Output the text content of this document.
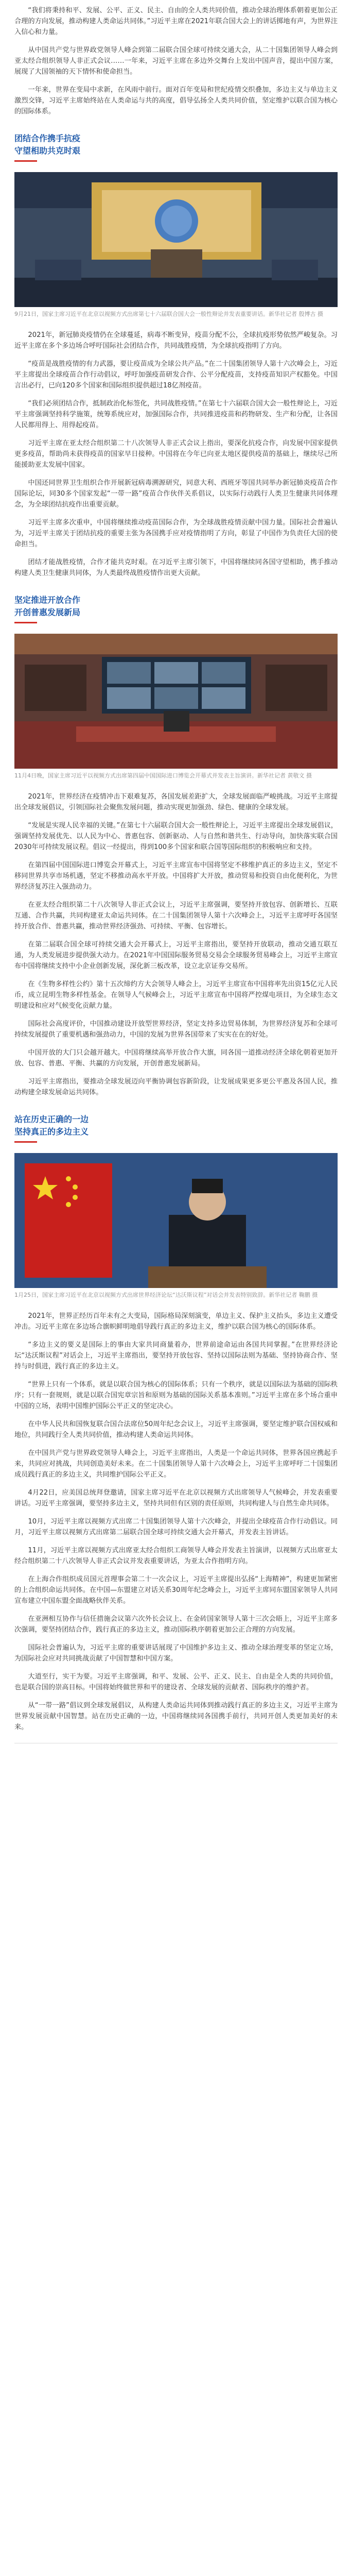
“我们将秉持和平、发展、公平、正义、民主、自由的全人类共同价值，推动全球治理体系朝着更加公正合理的方向发展，推动构建人类命运共同体。”习近平主席在2021年联合国大会上的讲话掷地有声，为世界注入信心和力量。

从中国共产党与世界政党领导人峰会到第二届联合国全球可持续交通大会，从二十国集团领导人峰会到亚太经合组织领导人非正式会议……一年来，习近平主席在多边外交舞台上发出中国声音，提出中国方案，展现了大国领袖的天下情怀和使命担当。

一年来，世界在变局中求新，在风雨中前行。面对百年变局和世纪疫情交织叠加，多边主义与单边主义激烈交锋，习近平主席始终站在人类命运与共的高度，倡导弘扬全人类共同价值，坚定维护以联合国为核心的国际体系。

团结合作携手抗疫
守望相助共克时艰
9月21日，国家主席习近平在北京以视频方式出席第七十六届联合国大会一般性辩论并发表重要讲话。新华社记者 殷博古 摄

2021年，新冠肺炎疫情仍在全球蔓延，病毒不断变异，疫苗分配不公，全球抗疫形势依然严峻复杂。习近平主席在多个多边场合呼吁国际社会团结合作，共同战胜疫情，为全球抗疫指明了方向。

“疫苗是战胜疫情的有力武器，要让疫苗成为全球公共产品。”在二十国集团领导人第十六次峰会上，习近平主席提出全球疫苗合作行动倡议，呼吁加强疫苗研发合作、公平分配疫苗，支持疫苗知识产权豁免。中国言出必行，已向120多个国家和国际组织提供超过18亿剂疫苗。

“我们必须团结合作，抵制政治化标签化，共同战胜疫情。”在第七十六届联合国大会一般性辩论上，习近平主席强调坚持科学施策，统筹系统应对，加强国际合作，共同推进疫苗和药物研发、生产和分配，让各国人民都用得上、用得起疫苗。

习近平主席在亚太经合组织第二十八次领导人非正式会议上指出，要深化抗疫合作，向发展中国家提供更多疫苗，帮助尚未获得疫苗的国家早日接种。中国将在今年已向亚太地区提供疫苗的基础上，继续尽己所能援助亚太发展中国家。

中国还同世界卫生组织合作开展新冠病毒溯源研究，同意大利、西班牙等国共同举办新冠肺炎疫苗合作国际论坛，同30多个国家发起“一带一路”疫苗合作伙伴关系倡议，以实际行动践行人类卫生健康共同体理念，为全球团结抗疫作出重要贡献。

习近平主席多次重申，中国将继续推动疫苗国际合作，为全球战胜疫情贡献中国力量。国际社会普遍认为，习近平主席关于团结抗疫的重要主张为各国携手应对疫情指明了方向，彰显了中国作为负责任大国的使命担当。

团结才能战胜疫情，合作才能共克时艰。在习近平主席引领下，中国将继续同各国守望相助，携手推动构建人类卫生健康共同体，为人类最终战胜疫情作出更大贡献。

坚定推进开放合作
开创普惠发展新局
11月4日晚，国家主席习近平以视频方式出席第四届中国国际进口博览会开幕式并发表主旨演讲。新华社记者 黄敬文 摄

2021年，世界经济在疫情冲击下艰难复苏，各国发展差距扩大，全球发展面临严峻挑战。习近平主席提出全球发展倡议，引领国际社会聚焦发展问题，推动实现更加强劲、绿色、健康的全球发展。

“发展是实现人民幸福的关键。”在第七十六届联合国大会一般性辩论上，习近平主席提出全球发展倡议，强调坚持发展优先、以人民为中心、普惠包容、创新驱动、人与自然和谐共生、行动导向，加快落实联合国2030年可持续发展议程。倡议一经提出，得到100多个国家和联合国等国际组织的积极响应和支持。

在第四届中国国际进口博览会开幕式上，习近平主席宣布中国将坚定不移维护真正的多边主义，坚定不移同世界共享市场机遇，坚定不移推动高水平开放。中国将扩大开放，推动贸易和投资自由化便利化，为世界经济复苏注入强劲动力。

在亚太经合组织第二十八次领导人非正式会议上，习近平主席强调，要坚持开放包容、创新增长、互联互通、合作共赢，共同构建亚太命运共同体。在二十国集团领导人第十六次峰会上，习近平主席呼吁各国坚持开放合作、普惠共赢，推动世界经济强劲、可持续、平衡、包容增长。

在第二届联合国全球可持续交通大会开幕式上，习近平主席指出，要坚持开放联动，推动交通互联互通，为人类发展进步提供强大动力。在2021年中国国际服务贸易交易会全球服务贸易峰会上，习近平主席宣布中国将继续支持中小企业创新发展，深化新三板改革，设立北京证券交易所。

在《生物多样性公约》第十五次缔约方大会领导人峰会上，习近平主席宣布中国将率先出资15亿元人民币，成立昆明生物多样性基金。在领导人气候峰会上，习近平主席宣布中国将严控煤电项目，为全球生态文明建设和应对气候变化贡献力量。

国际社会高度评价，中国推动建设开放型世界经济，坚定支持多边贸易体制，为世界经济复苏和全球可持续发展提供了重要机遇和强劲动力，中国的发展为世界各国带来了实实在在的好处。

中国开放的大门只会越开越大。中国将继续高举开放合作大旗，同各国一道推动经济全球化朝着更加开放、包容、普惠、平衡、共赢的方向发展，开创普惠发展新局。

习近平主席指出，要推动全球发展迈向平衡协调包容新阶段，让发展成果更多更公平惠及各国人民，推动构建全球发展命运共同体。

站在历史正确的一边
坚持真正的多边主义
1月25日，国家主席习近平在北京以视频方式出席世界经济论坛“达沃斯议程”对话会并发表特别致辞。新华社记者 鞠鹏 摄

2021年，世界正经历百年未有之大变局，国际格局深刻演变，单边主义、保护主义抬头，多边主义遭受冲击。习近平主席在多边场合旗帜鲜明地倡导践行真正的多边主义，维护以联合国为核心的国际体系。

“多边主义的要义是国际上的事由大家共同商量着办，世界前途命运由各国共同掌握。”在世界经济论坛“达沃斯议程”对话会上，习近平主席指出，要坚持开放包容、坚持以国际法则为基础、坚持协商合作、坚持与时俱进，践行真正的多边主义。

“世界上只有一个体系，就是以联合国为核心的国际体系；只有一个秩序，就是以国际法为基础的国际秩序；只有一套规则，就是以联合国宪章宗旨和原则为基础的国际关系基本准则。”习近平主席在多个场合重申中国的立场，表明中国维护国际公平正义的坚定决心。

在中华人民共和国恢复联合国合法席位50周年纪念会议上，习近平主席强调，要坚定维护联合国权威和地位，共同践行全人类共同价值，推动构建人类命运共同体。

在中国共产党与世界政党领导人峰会上，习近平主席指出，人类是一个命运共同体，世界各国应携起手来，共同应对挑战，共同创造美好未来。在二十国集团领导人第十六次峰会上，习近平主席呼吁二十国集团成员践行真正的多边主义，共同维护国际公平正义。

4月22日，应美国总统拜登邀请，国家主席习近平在北京以视频方式出席领导人气候峰会，并发表重要讲话。习近平主席强调，要坚持多边主义，坚持共同但有区别的责任原则，共同构建人与自然生命共同体。

10月，习近平主席以视频方式出席二十国集团领导人第十六次峰会，并提出全球疫苗合作行动倡议。同月，习近平主席以视频方式出席第二届联合国全球可持续交通大会开幕式，并发表主旨讲话。

11月，习近平主席以视频方式出席亚太经合组织工商领导人峰会并发表主旨演讲，以视频方式出席亚太经合组织第二十八次领导人非正式会议并发表重要讲话，为亚太合作指明方向。

在上海合作组织成员国元首理事会第二十一次会议上，习近平主席提出弘扬“上海精神”，构建更加紧密的上合组织命运共同体。在中国—东盟建立对话关系30周年纪念峰会上，习近平主席同东盟国家领导人共同宣布建立中国东盟全面战略伙伴关系。

在亚洲相互协作与信任措施会议第六次外长会议上、在金砖国家领导人第十三次会晤上，习近平主席多次强调，要坚持团结合作，践行真正的多边主义，推动国际秩序朝着更加公正合理的方向发展。

国际社会普遍认为，习近平主席的重要讲话展现了中国维护多边主义、推动全球治理变革的坚定立场，为国际社会应对共同挑战贡献了中国智慧和中国方案。

大道至行，实干为要。习近平主席强调，和平、发展、公平、正义、民主、自由是全人类的共同价值，也是联合国的崇高目标。中国将始终做世界和平的建设者、全球发展的贡献者、国际秩序的维护者。

从“一带一路”倡议到全球发展倡议，从构建人类命运共同体到推动践行真正的多边主义，习近平主席为世界发展贡献中国智慧。站在历史正确的一边，中国将继续同各国携手前行，共同开创人类更加美好的未来。
